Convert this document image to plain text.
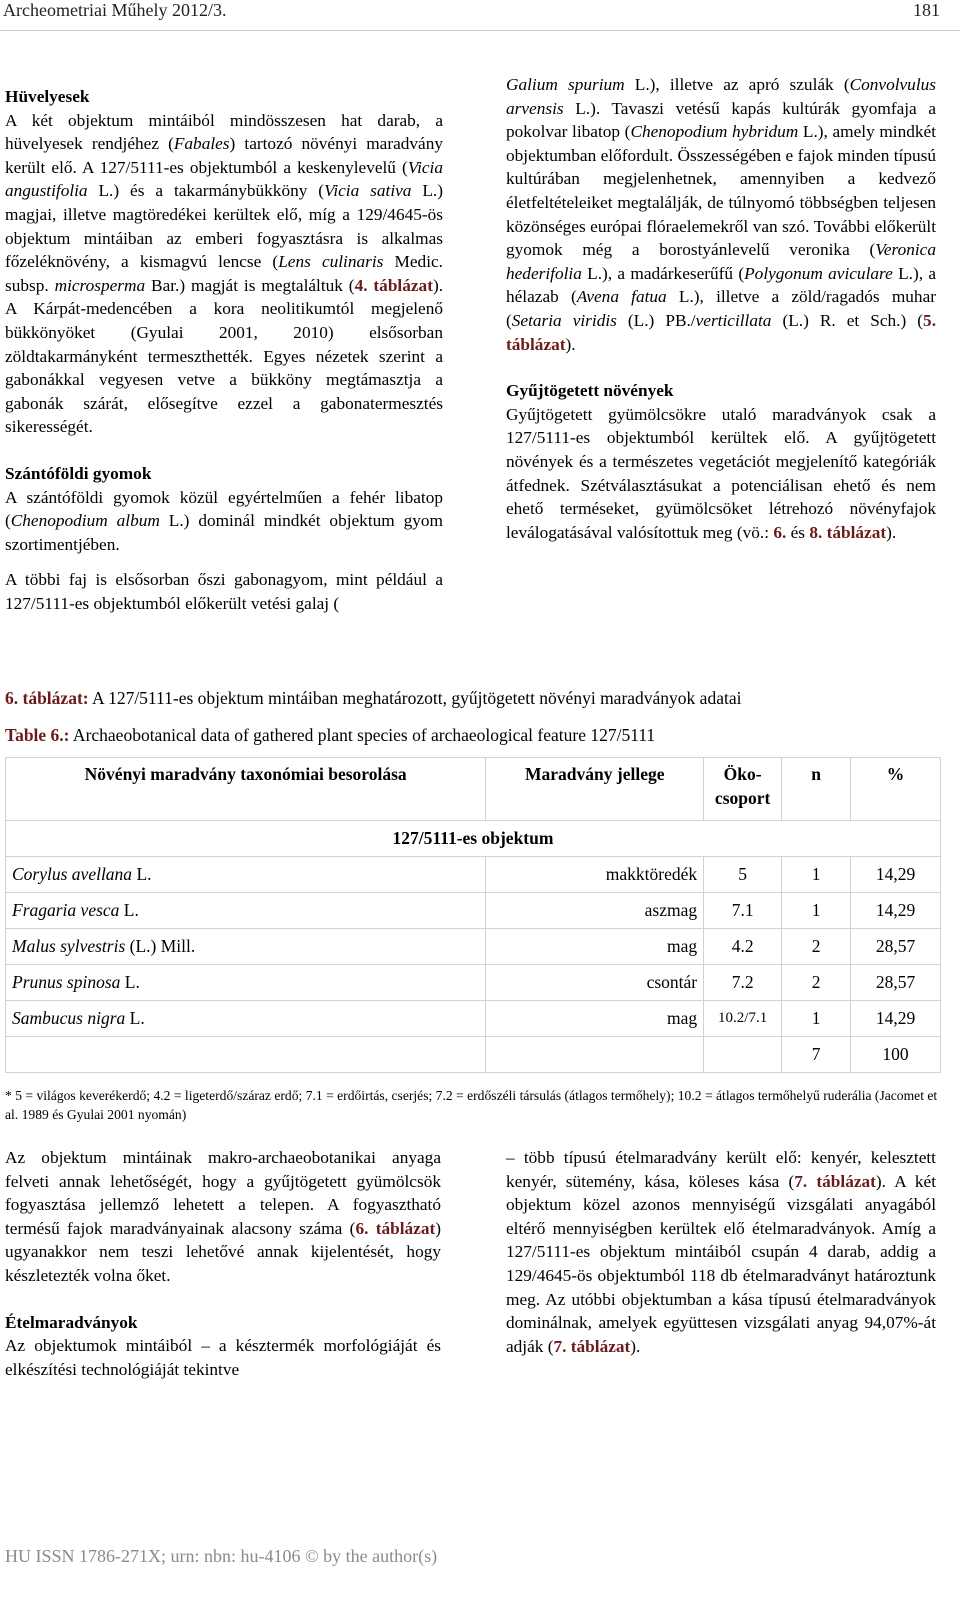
Archeometriai Műhely 2012/3.	181
Hüvelyesek

A két objektum mintáiból mindösszesen hat darab, a hüvelyesek rendjéhez (Fabales) tartozó növényi maradvány került elő. A 127/5111-es objektumból a keskenylevelű (Vicia angustifolia L.) és a takarmánybükköny (Vicia sativa L.) magjai, illetve magtöredékei kerültek elő, míg a 129/4645-ös objektum mintáiban az emberi fogyasztásra is alkalmas főzeléknövény, a kismagvú lencse (Lens culinaris Medic. subsp. microsperma Bar.) magját is megtaláltuk (4. táblázat). A Kárpát-medencében a kora neolitikumtól megjelenő bükkönyöket (Gyulai 2001, 2010) elsősorban zöldtakarmányként termeszthették. Egyes nézetek szerint a gabonákkal vegyesen vetve a bükköny megtámasztja a gabonák szárát, elősegítve ezzel a gabonatermesztés sikerességét.

Szántóföldi gyomok

A szántóföldi gyomok közül egyértelműen a fehér libatop (Chenopodium album L.) dominál mindkét objektum gyom szortimentjében.

A többi faj is elsősorban őszi gabonagyom, mint például a 127/5111-es objektumból előkerült vetési galaj (

Galium spurium L.), illetve az apró szulák (Convolvulus arvensis L.). Tavaszi vetésű kapás kultúrák gyomfaja a pokolvar libatop (Chenopodium hybridum L.), amely mindkét objektumban előfordult. Összességében e fajok minden típusú kultúrában megjelenhetnek, amennyiben a kedvező életfeltételeiket megtalálják, de túlnyomó többségben teljesen közönséges európai flóraelemekről van szó. További előkerült gyomok még a borostyánlevelű veronika (Veronica hederifolia L.), a madárkeserűfű (Polygonum aviculare L.), a hélazab (Avena fatua L.), illetve a zöld/ragadós muhar (Setaria viridis (L.) PB./verticillata (L.) R. et Sch.) (5. táblázat).

Gyűjtögetett növények

Gyűjtögetett gyümölcsökre utaló maradványok csak a 127/5111-es objektumból kerültek elő. A gyűjtögetett növények és a természetes vegetációt megjelenítő kategóriák átfednek. Szétválasztásukat a potenciálisan ehető és nem ehető terméseket, gyümölcsöket létrehozó növényfajok leválogatásával valósítottuk meg (vö.: 6. és 8. táblázat).

6. táblázat: A 127/5111-es objektum mintáiban meghatározott, gyűjtögetett növényi maradványok adatai
Table 6.: Archaeobotanical data of gathered plant species of archaeological feature 127/5111
Növényi maradvány taxonómiai besorolása	Maradvány jellege	Öko-csoport	n	%
127/5111-es objektum				
Corylus avellana L.	makktöredék	5	1	14,29
Fragaria vesca L.	aszmag	7.1	1	14,29
Malus sylvestris (L.) Mill.	mag	4.2	2	28,57
Prunus spinosa L.	csontár	7.2	2	28,57
Sambucus nigra L.	mag	10.2/7.1	1	14,29
			7	100
* 5 = világos keverékerdő; 4.2 = ligeterdő/száraz erdő; 7.1 = erdőirtás, cserjés; 7.2 = erdőszéli társulás (átlagos termőhely); 10.2 = átlagos termőhelyű ruderália (Jacomet et al. 1989 és Gyulai 2001 nyomán)

Az objektum mintáinak makro-archaeobotanikai anyaga felveti annak lehetőségét, hogy a gyűjtögetett gyümölcsök fogyasztása jellemző lehetett a telepen. A fogyasztható termésű fajok maradványainak alacsony száma (6. táblázat) ugyanakkor nem teszi lehetővé annak kijelentését, hogy készletezték volna őket.

Ételmaradványok

Az objektumok mintáiból – a késztermék morfológiáját és elkészítési technológiáját tekintve

– több típusú ételmaradvány került elő: kenyér, kelesztett kenyér, sütemény, kása, köleses kása (7. táblázat). A két objektum közel azonos mennyiségű vizsgálati anyagából eltérő mennyiségben kerültek elő ételmaradványok. Amíg a 127/5111-es objektum mintáiból csupán 4 darab, addig a 129/4645-ös objektumból 118 db ételmaradványt határoztunk meg. Az utóbbi objektumban a kása típusú ételmaradványok dominálnak, amelyek együttesen vizsgálati anyag 94,07%-át adják (7. táblázat).

HU ISSN 1786-271X; urn: nbn: hu-4106 © by the author(s)
